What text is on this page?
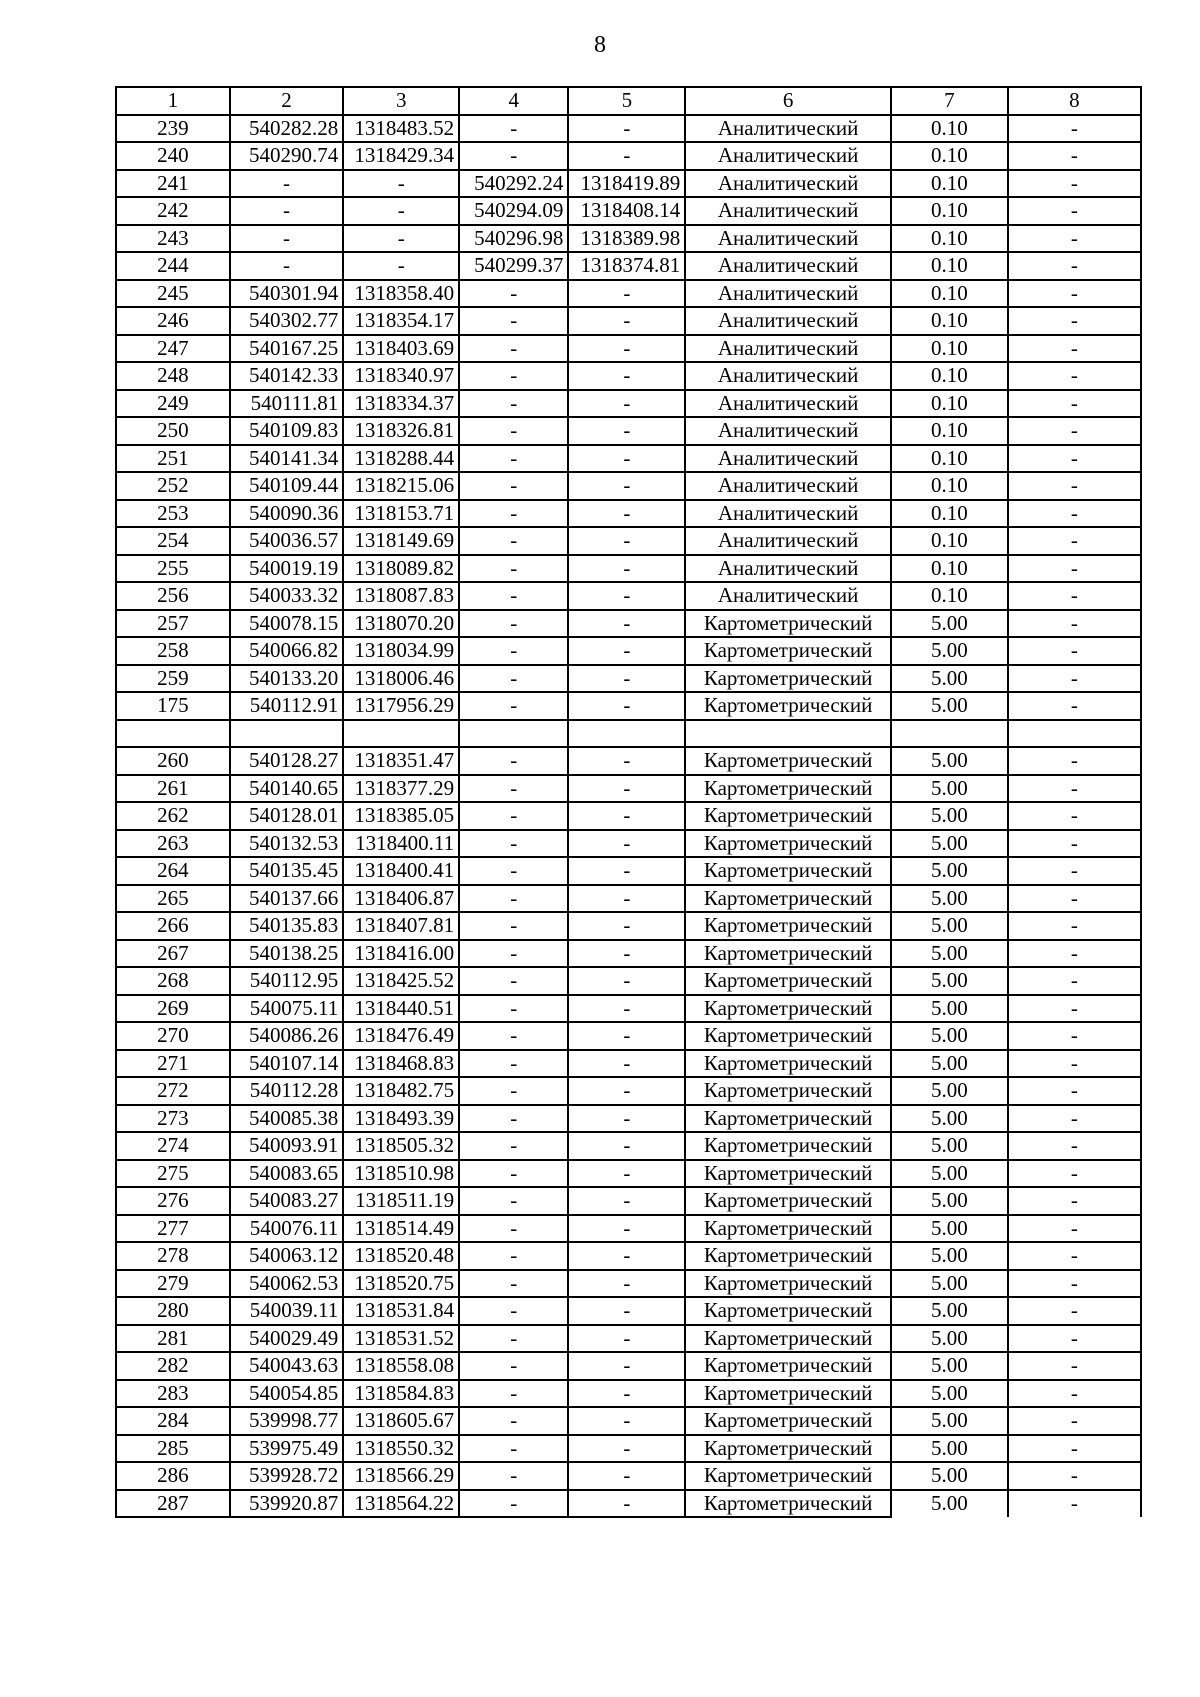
8
1	2	3	4	5	6	7	8
239	540282.28	1318483.52	-	-	Аналитический	0.10	-
240	540290.74	1318429.34	-	-	Аналитический	0.10	-
241	-	-	540292.24	1318419.89	Аналитический	0.10	-
242	-	-	540294.09	1318408.14	Аналитический	0.10	-
243	-	-	540296.98	1318389.98	Аналитический	0.10	-
244	-	-	540299.37	1318374.81	Аналитический	0.10	-
245	540301.94	1318358.40	-	-	Аналитический	0.10	-
246	540302.77	1318354.17	-	-	Аналитический	0.10	-
247	540167.25	1318403.69	-	-	Аналитический	0.10	-
248	540142.33	1318340.97	-	-	Аналитический	0.10	-
249	540111.81	1318334.37	-	-	Аналитический	0.10	-
250	540109.83	1318326.81	-	-	Аналитический	0.10	-
251	540141.34	1318288.44	-	-	Аналитический	0.10	-
252	540109.44	1318215.06	-	-	Аналитический	0.10	-
253	540090.36	1318153.71	-	-	Аналитический	0.10	-
254	540036.57	1318149.69	-	-	Аналитический	0.10	-
255	540019.19	1318089.82	-	-	Аналитический	0.10	-
256	540033.32	1318087.83	-	-	Аналитический	0.10	-
257	540078.15	1318070.20	-	-	Картометрический	5.00	-
258	540066.82	1318034.99	-	-	Картометрический	5.00	-
259	540133.20	1318006.46	-	-	Картометрический	5.00	-
175	540112.91	1317956.29	-	-	Картометрический	5.00	-

260	540128.27	1318351.47	-	-	Картометрический	5.00	-
261	540140.65	1318377.29	-	-	Картометрический	5.00	-
262	540128.01	1318385.05	-	-	Картометрический	5.00	-
263	540132.53	1318400.11	-	-	Картометрический	5.00	-
264	540135.45	1318400.41	-	-	Картометрический	5.00	-
265	540137.66	1318406.87	-	-	Картометрический	5.00	-
266	540135.83	1318407.81	-	-	Картометрический	5.00	-
267	540138.25	1318416.00	-	-	Картометрический	5.00	-
268	540112.95	1318425.52	-	-	Картометрический	5.00	-
269	540075.11	1318440.51	-	-	Картометрический	5.00	-
270	540086.26	1318476.49	-	-	Картометрический	5.00	-
271	540107.14	1318468.83	-	-	Картометрический	5.00	-
272	540112.28	1318482.75	-	-	Картометрический	5.00	-
273	540085.38	1318493.39	-	-	Картометрический	5.00	-
274	540093.91	1318505.32	-	-	Картометрический	5.00	-
275	540083.65	1318510.98	-	-	Картометрический	5.00	-
276	540083.27	1318511.19	-	-	Картометрический	5.00	-
277	540076.11	1318514.49	-	-	Картометрический	5.00	-
278	540063.12	1318520.48	-	-	Картометрический	5.00	-
279	540062.53	1318520.75	-	-	Картометрический	5.00	-
280	540039.11	1318531.84	-	-	Картометрический	5.00	-
281	540029.49	1318531.52	-	-	Картометрический	5.00	-
282	540043.63	1318558.08	-	-	Картометрический	5.00	-
283	540054.85	1318584.83	-	-	Картометрический	5.00	-
284	539998.77	1318605.67	-	-	Картометрический	5.00	-
285	539975.49	1318550.32	-	-	Картометрический	5.00	-
286	539928.72	1318566.29	-	-	Картометрический	5.00	-
287	539920.87	1318564.22	-	-	Картометрический	5.00	-
